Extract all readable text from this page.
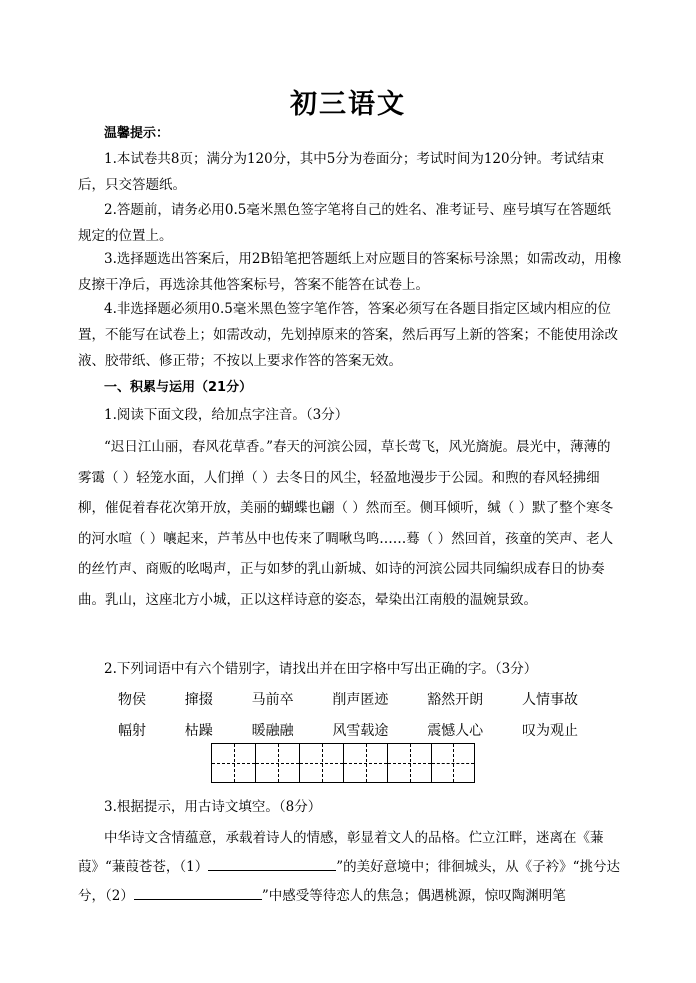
初三语文
温馨提示：
1.本试卷共8页；满分为120分，其中5分为卷面分；考试时间为120分钟。考试结束后，只交答题纸。
2.答题前，请务必用0.5毫米黑色签字笔将自己的姓名、准考证号、座号填写在答题纸规定的位置上。
3.选择题选出答案后，用2B铅笔把答题纸上对应题目的答案标号涂黑；如需改动，用橡皮擦干净后，再选涂其他答案标号，答案不能答在试卷上。
4.非选择题必须用0.5毫米黑色签字笔作答，答案必须写在各题目指定区域内相应的位置，不能写在试卷上；如需改动，先划掉原来的答案，然后再写上新的答案；不能使用涂改液、胶带纸、修正带；不按以上要求作答的答案无效。
一、积累与运用（21分）
1.阅读下面文段，给加点字注音。（3分）
“迟日江山丽，春风花草香。”春天的河滨公园，草长莺飞，风光旖旎。晨光中，薄薄的雾霭（ ）轻笼水面，人们掸（ ）去冬日的风尘，轻盈地漫步于公园。和煦的春风轻拂细柳，催促着春花次第开放，美丽的蝴蝶也翩（ ）然而至。侧耳倾听，缄（ ）默了整个寒冬的河水喧（ ）嚷起来，芦苇丛中也传来了啁啾鸟鸣……蓦（ ）然回首，孩童的笑声、老人的丝竹声、商贩的吆喝声，正与如梦的乳山新城、如诗的河滨公园共同编织成春日的协奏曲。乳山，这座北方小城，正以这样诗意的姿态，晕染出江南般的温婉景致。
2.下列词语中有六个错别字，请找出并在田字格中写出正确的字。（3分）
物侯	撺掇	马前卒	削声匿迹	豁然开朗	人情事故
幅射	枯躁	暖融融	风雪载途	震憾人心	叹为观止
3.根据提示，用古诗文填空。（8分）
中华诗文含情蕴意，承载着诗人的情感，彰显着文人的品格。伫立江畔，迷离在《蒹葭》“蒹葭苍苍，（1）	”的美好意境中；徘徊城头，从《子衿》“挑兮达兮，（2）	”中感受等待恋人的焦急；偶遇桃源，惊叹陶渊明笔
